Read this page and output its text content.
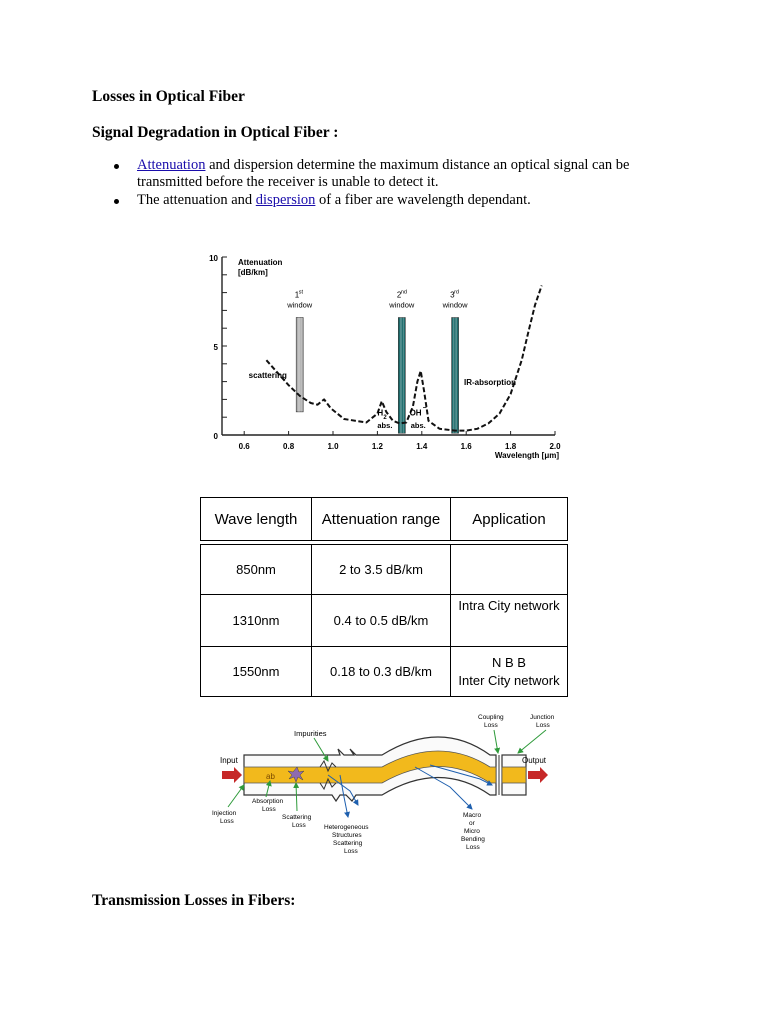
Losses in Optical Fiber
Signal Degradation in Optical Fiber :
Attenuation and dispersion determine the maximum distance an optical signal can be transmitted before the receiver is unable to detect it.
The attenuation and dispersion of a fiber are wavelength dependant.
0
5
10
0.6	0.8	1.0	1.2	1.4	1.6	1.8	2.0
Attenuation
[dB/km]
Wavelength [μm]
1 st
window
2 nd
window
3 rd
window
scattering
IR-absorption
H
2
abs.
OH −
abs.
Wave length	Attenuation range	Application

850nm	2 to 3.5 dB/km	
1310nm	0.4 to 0.5 dB/km	Intra City network
1550nm	0.18 to 0.3 dB/km	N B B
Inter City network
ab
Input	Output
Impurities
Coupling
Loss
Junction
Loss
Injection
Loss
Absorption
Loss
Scattering
Loss	Heterogeneous
Structures
Scattering
Loss
Macro
or
Micro
Bending
Loss
Transmission Losses in Fibers:
